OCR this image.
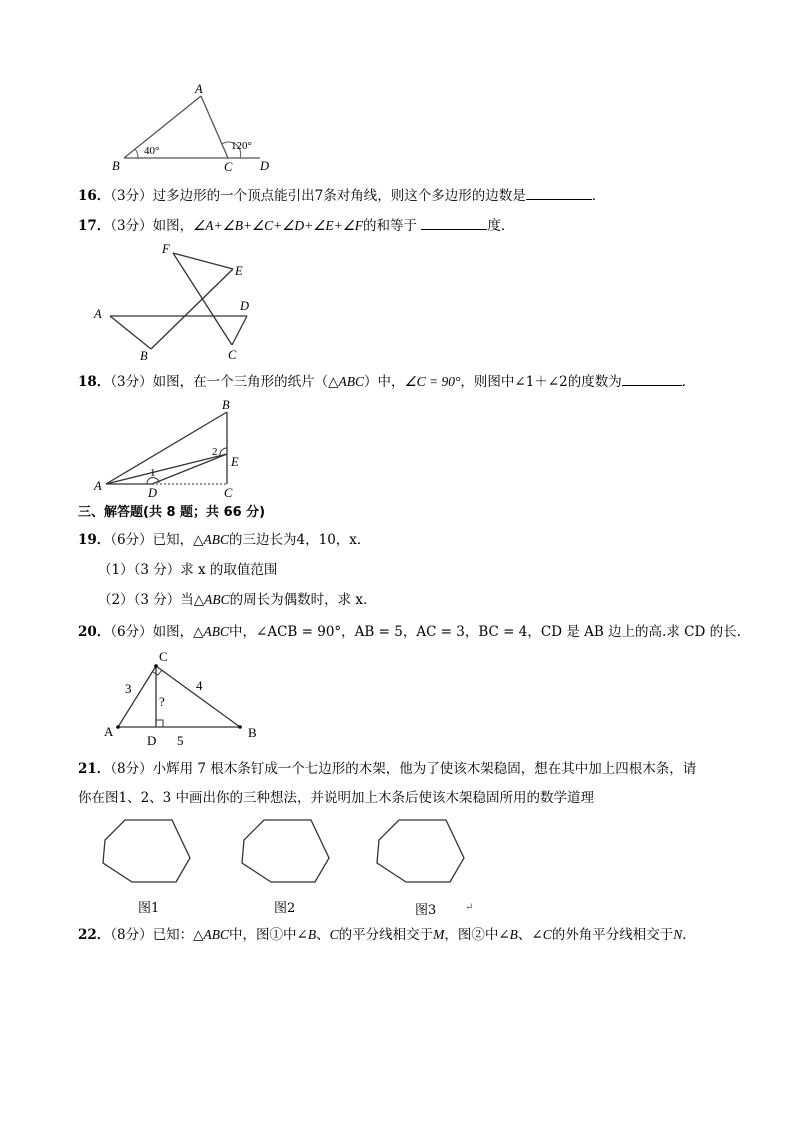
A
B	C D
40°	120°
16．（3分）过多边形的一个顶点能引出7条对角线，则这个多边形的边数是	．
17．（3分）如图，∠A+∠B+∠C+∠D+∠E+∠F的和等于	度．
F
E
D
A
B	C
18．（3分）如图，在一个三角形的纸片（△ABC）中，∠C = 90°，则图中∠1＋∠2的度数为	．
B
E
A	D	C
1
2
三、解答题(共 8 题；共 66 分)
19．（6分）已知，△ABC的三边长为4，10，x．
（1）（3 分）求 x 的取值范围
（2）（3 分）当△ABC的周长为偶数时，求 x．
20．（6分）如图，△ABC中，∠ACB = 90°，AB = 5，AC = 3，BC = 4，CD 是 AB 边上的高.求 CD 的长.
C
A	B
D
3	4
5
?
21．（8分）小辉用 7 根木条钉成一个七边形的木架，他为了使该木架稳固，想在其中加上四根木条，请
你在图1、2、3 中画出你的三种想法，并说明加上木条后使该木架稳固所用的数学道理
图1	图2	图3	↵
22．（8分）已知：△ABC中，图①中∠B、C的平分线相交于M，图②中∠B、∠C的外角平分线相交于N．
